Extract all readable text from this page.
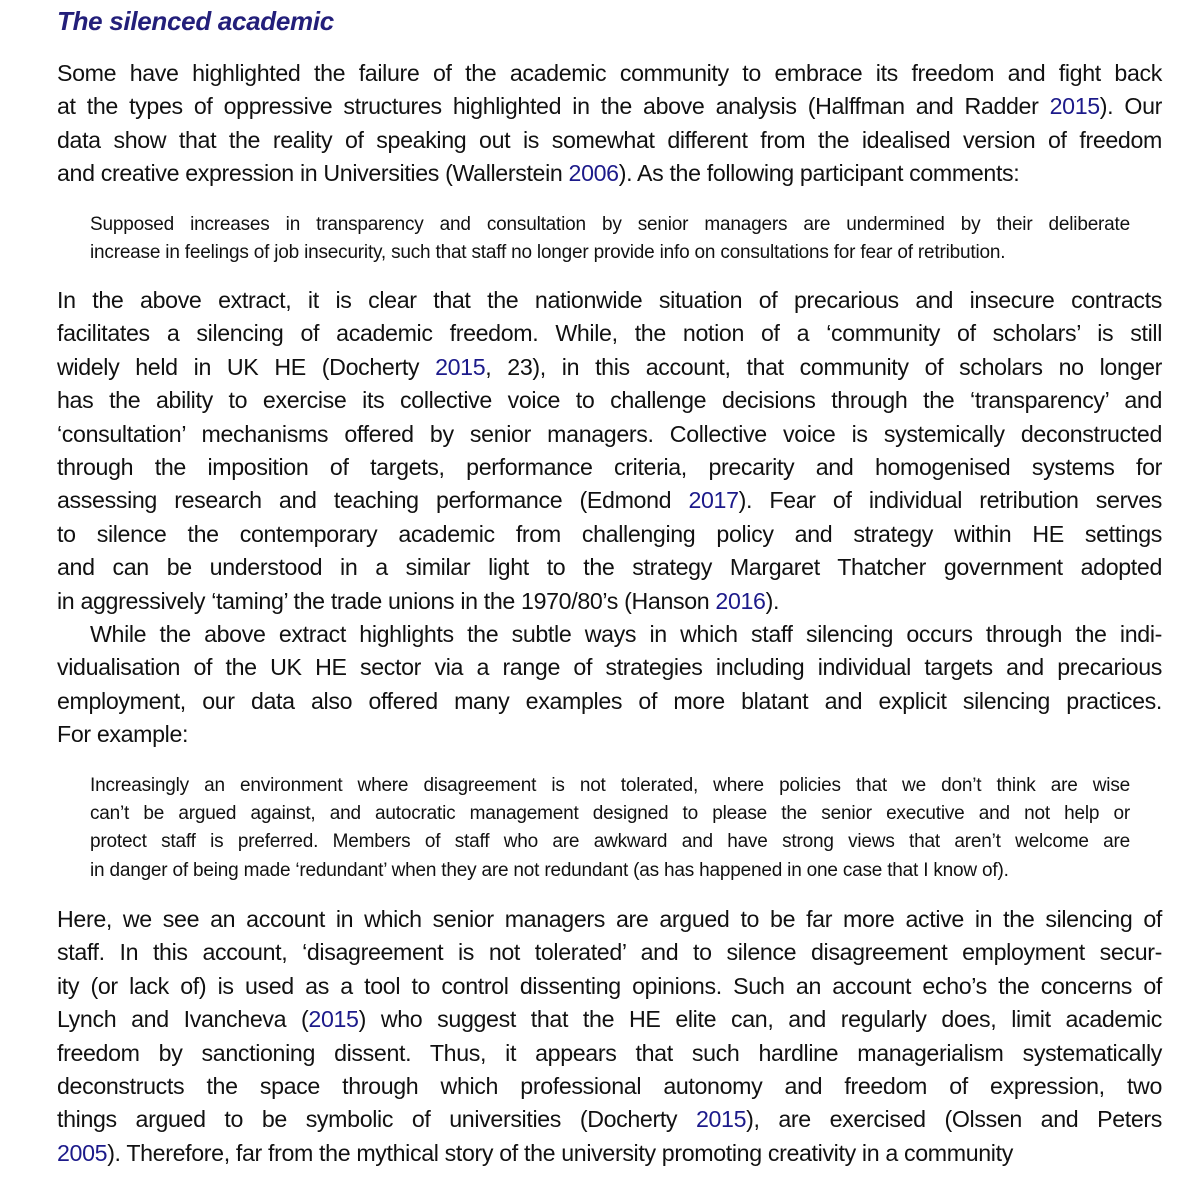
The silenced academic
Some have highlighted the failure of the academic community to embrace its freedom and fight back
at the types of oppressive structures highlighted in the above analysis (Halffman and Radder 2015). Our
data show that the reality of speaking out is somewhat different from the idealised version of freedom
and creative expression in Universities (Wallerstein 2006). As the following participant comments:
Supposed increases in transparency and consultation by senior managers are undermined by their deliberate
increase in feelings of job insecurity, such that staff no longer provide info on consultations for fear of retribution.
In the above extract, it is clear that the nationwide situation of precarious and insecure contracts
facilitates a silencing of academic freedom. While, the notion of a ‘community of scholars’ is still
widely held in UK HE (Docherty 2015, 23), in this account, that community of scholars no longer
has the ability to exercise its collective voice to challenge decisions through the ‘transparency’ and
‘consultation’ mechanisms offered by senior managers. Collective voice is systemically deconstructed
through the imposition of targets, performance criteria, precarity and homogenised systems for
assessing research and teaching performance (Edmond 2017). Fear of individual retribution serves
to silence the contemporary academic from challenging policy and strategy within HE settings
and can be understood in a similar light to the strategy Margaret Thatcher government adopted
in aggressively ‘taming’ the trade unions in the 1970/80’s (Hanson 2016).
While the above extract highlights the subtle ways in which staff silencing occurs through the indi-
vidualisation of the UK HE sector via a range of strategies including individual targets and precarious
employment, our data also offered many examples of more blatant and explicit silencing practices.
For example:
Increasingly an environment where disagreement is not tolerated, where policies that we don’t think are wise
can’t be argued against, and autocratic management designed to please the senior executive and not help or
protect staff is preferred. Members of staff who are awkward and have strong views that aren’t welcome are
in danger of being made ‘redundant’ when they are not redundant (as has happened in one case that I know of).
Here, we see an account in which senior managers are argued to be far more active in the silencing of
staff. In this account, ‘disagreement is not tolerated’ and to silence disagreement employment secur-
ity (or lack of) is used as a tool to control dissenting opinions. Such an account echo’s the concerns of
Lynch and Ivancheva (2015) who suggest that the HE elite can, and regularly does, limit academic
freedom by sanctioning dissent. Thus, it appears that such hardline managerialism systematically
deconstructs the space through which professional autonomy and freedom of expression, two
things argued to be symbolic of universities (Docherty 2015), are exercised (Olssen and Peters
2005). Therefore, far from the mythical story of the university promoting creativity in a community
